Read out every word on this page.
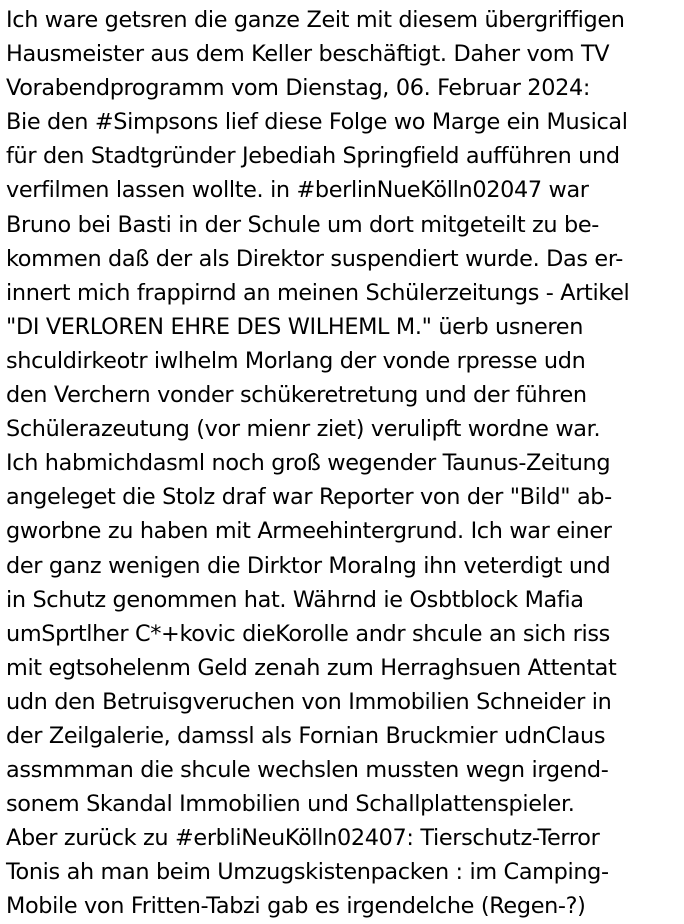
Ich ware getsren die ganze Zeit mit diesem übergriffigen Hausmeister aus dem Keller beschäftigt. Daher vom TV Vorabendprogramm vom Dienstag, 06. Februar 2024: Bie den #Simpsons lief diese Folge wo Marge ein Musical für den Stadtgründer Jebediah Springfield aufführen und verfilmen lassen wollte. in #berlinNueKölln02047 war Bruno bei Basti in der Schule um dort mitgeteilt zu be- kommen daß der als Direktor suspendiert wurde. Das er- innert mich frappirnd an meinen Schülerzeitungs - Artikel "DI VERLOREN EHRE DES WILHEML M." üerb usneren shculdirkeotr iwlhelm Morlang der vonde rpresse udn den Verchern vonder schükeretretung und der führen Schülerazeutung (vor mienr ziet) verulipft wordne war. Ich habmichdasml noch groß wegender Taunus-Zeitung angeleget die Stolz draf war Reporter von der "Bild" ab- gworbne zu haben mit Armeehintergrund. Ich war einer der ganz wenigen die Dirktor Moralng ihn veterdigt und in Schutz genommen hat. Währnd ie Osbtblock Mafia umSprtlher C*+kovic dieKorolle andr shcule an sich riss mit egtsohelenm Geld zenah zum Herraghsuen Attentat udn den Betruisgveruchen von Immobilien Schneider in der Zeilgalerie, damssl als Fornian Bruckmier udnClaus assmmman die shcule wechslen mussten wegn irgend- sonem Skandal Immobilien und Schallplattenspieler. Aber zurück zu #erbliNeuKölln02407: Tierschutz-Terror Tonis ah man beim Umzugskistenpacken : im Camping- Mobile von Fritten-Tabzi gab es irgendelche (Regen-?)
